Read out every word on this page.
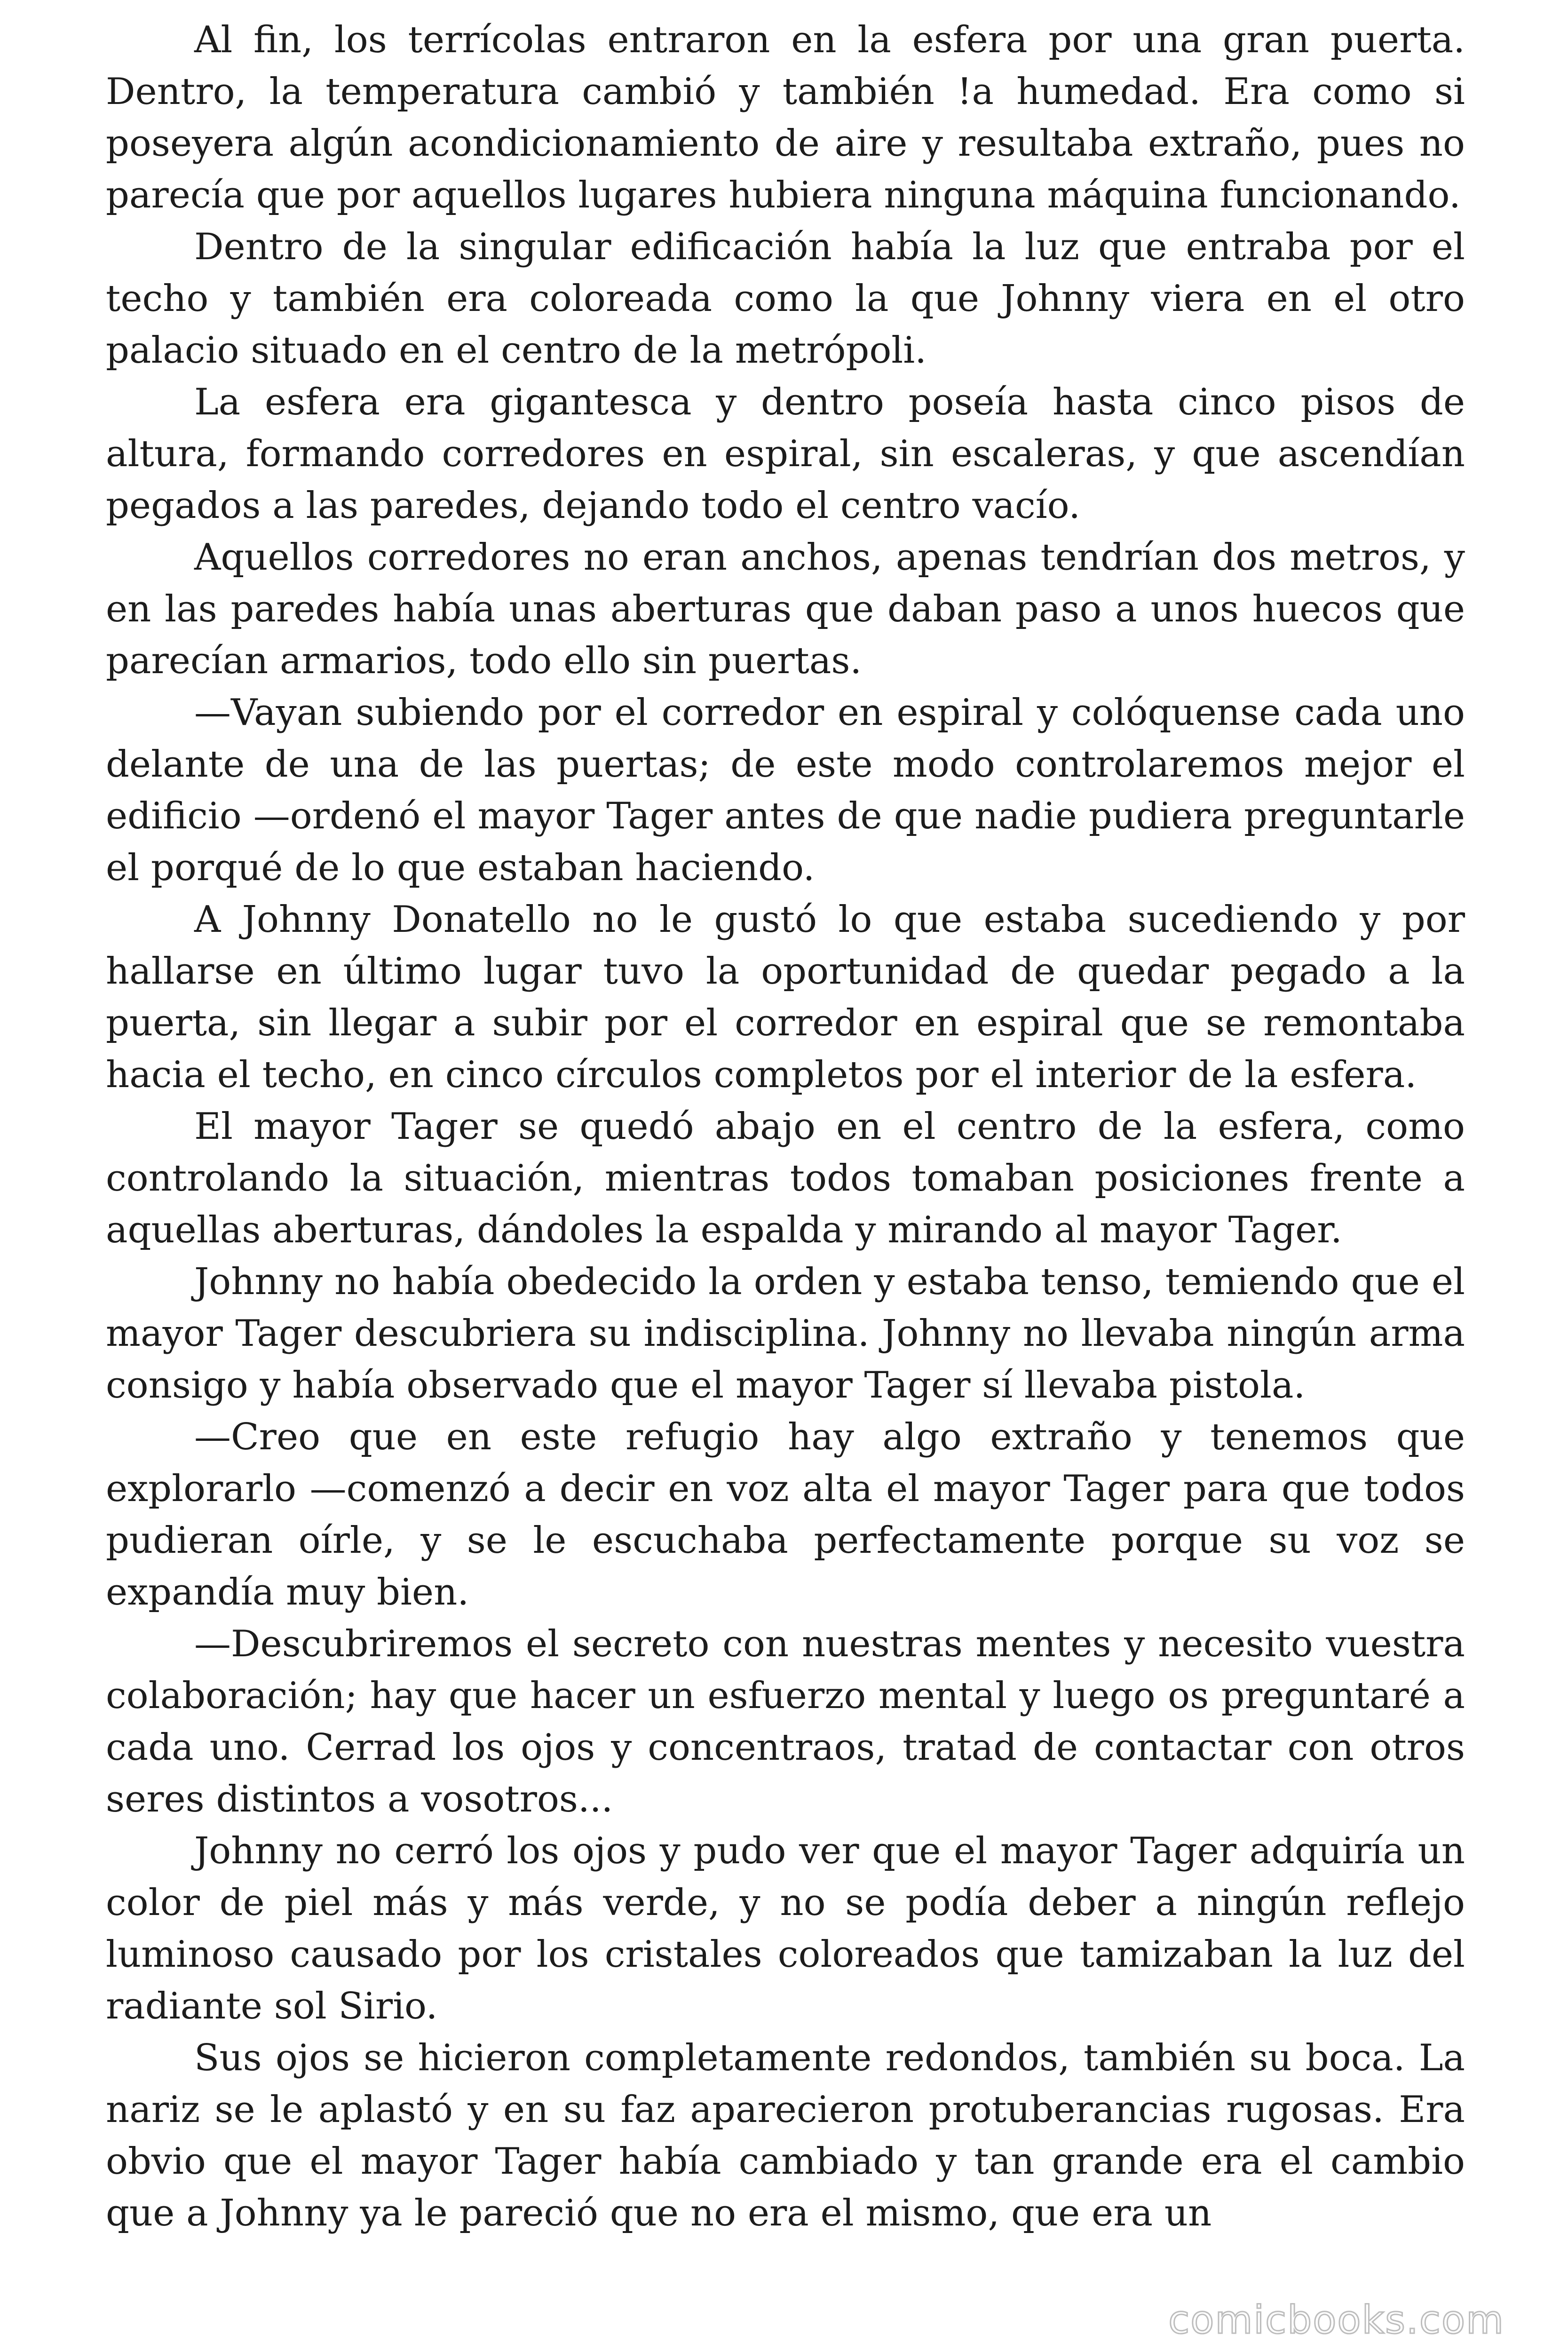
Al fin, los terrícolas entraron en la esfera por una gran puerta. Dentro, la temperatura cambió y también !a humedad. Era como si poseyera algún acondicionamiento de aire y resultaba extraño, pues no parecía que por aquellos lugares hubiera ninguna máquina funcionando.

Dentro de la singular edificación había la luz que entraba por el techo y también era coloreada como la que Johnny viera en el otro palacio situado en el centro de la metrópoli.

La esfera era gigantesca y dentro poseía hasta cinco pisos de altura, formando corredores en espiral, sin escaleras, y que ascendían pegados a las paredes, dejando todo el centro vacío.

Aquellos corredores no eran anchos, apenas tendrían dos metros, y en las paredes había unas aberturas que daban paso a unos huecos que parecían armarios, todo ello sin puertas.

—Vayan subiendo por el corredor en espiral y colóquense cada uno delante de una de las puertas; de este modo controlaremos mejor el edificio —ordenó el mayor Tager antes de que nadie pudiera preguntarle el porqué de lo que estaban haciendo.

A Johnny Donatello no le gustó lo que estaba sucediendo y por hallarse en último lugar tuvo la oportunidad de quedar pegado a la puerta, sin llegar a subir por el corredor en espiral que se remontaba hacia el techo, en cinco círculos completos por el interior de la esfera.

El mayor Tager se quedó abajo en el centro de la esfera, como controlando la situación, mientras todos tomaban posiciones frente a aquellas aberturas, dándoles la espalda y mirando al mayor Tager.

Johnny no había obedecido la orden y estaba tenso, temiendo que el mayor Tager descubriera su indisciplina. Johnny no llevaba ningún arma consigo y había observado que el mayor Tager sí llevaba pistola.

—Creo que en este refugio hay algo extraño y tenemos que explorarlo —comenzó a decir en voz alta el mayor Tager para que todos pudieran oírle, y se le escuchaba perfectamente porque su voz se expandía muy bien.

—Descubriremos el secreto con nuestras mentes y necesito vuestra colaboración; hay que hacer un esfuerzo mental y luego os preguntaré a cada uno. Cerrad los ojos y concentraos, tratad de contactar con otros seres distintos a vosotros...

Johnny no cerró los ojos y pudo ver que el mayor Tager adquiría un color de piel más y más verde, y no se podía deber a ningún reflejo luminoso causado por los cristales coloreados que tamizaban la luz del radiante sol Sirio.

Sus ojos se hicieron completamente redondos, también su boca. La nariz se le aplastó y en su faz aparecieron protuberancias rugosas. Era obvio que el mayor Tager había cambiado y tan grande era el cambio que a Johnny ya le pareció que no era el mismo, que era un

comicbooks.com
